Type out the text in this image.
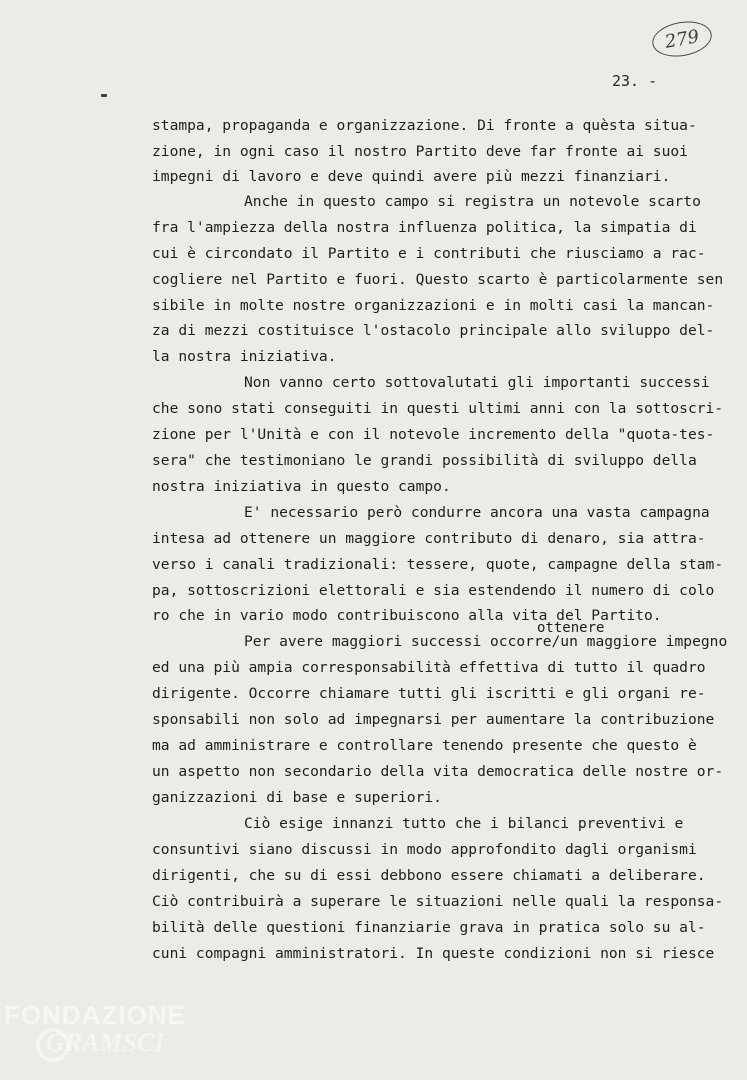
279
23. -
stampa, propaganda e organizzazione. Di fronte a quèsta situa-
zione, in ogni caso il nostro Partito deve far fronte ai suoi
impegni di lavoro e deve quindi avere più mezzi finanziari.
Anche in questo campo si registra un notevole scarto
fra l'ampiezza della nostra influenza politica, la simpatia di
cui è circondato il Partito e i contributi che riusciamo a rac-
cogliere nel Partito e fuori. Questo scarto è particolarmente sen
sibile in molte nostre organizzazioni e in molti casi la mancan-
za di mezzi costituisce l'ostacolo principale allo sviluppo del-
la nostra iniziativa.
Non vanno certo sottovalutati gli importanti successi
che sono stati conseguiti in questi ultimi anni con la sottoscri-
zione per l'Unità e con il notevole incremento della "quota-tes-
sera" che testimoniano le grandi possibilità di sviluppo della
nostra iniziativa in questo campo.
E' necessario però condurre ancora una vasta campagna
intesa ad ottenere un maggiore contributo di denaro, sia attra-
verso i canali tradizionali: tessere, quote, campagne della stam-
pa, sottoscrizioni elettorali e sia estendendo il numero di colo
ro che in vario modo contribuiscono alla vita del Partito.
Per avere maggiori successi occorre/un maggiore impegno
ed una più ampia corresponsabilità effettiva di tutto il quadro
dirigente. Occorre chiamare tutti gli iscritti e gli organi re-
sponsabili non solo ad impegnarsi per aumentare la contribuzione
ma ad amministrare e controllare tenendo presente che questo è
un aspetto non secondario della vita democratica delle nostre or-
ganizzazioni di base e superiori.
Ciò esige innanzi tutto che i bilanci preventivi e
consuntivi siano discussi in modo approfondito dagli organismi
dirigenti, che su di essi debbono essere chiamati a deliberare.
Ciò contribuirà a superare le situazioni nelle quali la responsa-
bilità delle questioni finanziarie grava in pratica solo su al-
cuni compagni amministratori. In queste condizioni non si riesce
ottenere
FONDAZIONE
GRAMSCI
